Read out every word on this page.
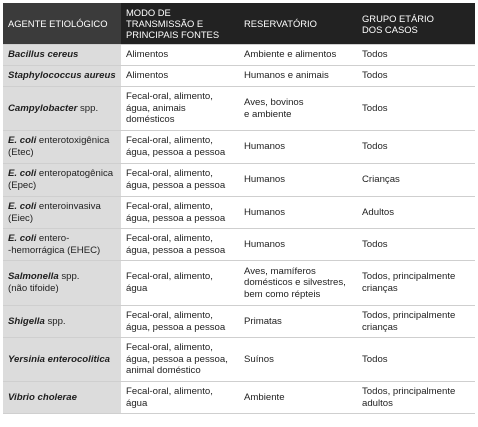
AGENTE ETIOLÓGICO	MODO DE
TRANSMISSÃO E
PRINCIPAIS FONTES	RESERVATÓRIO	GRUPO ETÁRIO
DOS CASOS
Bacillus cereus	Alimentos	Ambiente e alimentos	Todos
Staphylococcus aureus	Alimentos	Humanos e animais	Todos
Campylobacter spp.	Fecal-oral, alimento,
água, animais
domésticos	Aves, bovinos
e ambiente	Todos
E. coli enterotoxigênica
(Etec)	Fecal-oral, alimento,
água, pessoa a pessoa	Humanos	Todos
E. coli enteropatogênica
(Epec)	Fecal-oral, alimento,
água, pessoa a pessoa	Humanos	Crianças
E. coli enteroinvasiva
(Eiec)	Fecal-oral, alimento,
água, pessoa a pessoa	Humanos	Adultos
E. coli entero-
-hemorrágica (EHEC)	Fecal-oral, alimento,
água, pessoa a pessoa	Humanos	Todos
Salmonella spp.
(não tifoide)	Fecal-oral, alimento,
água	Aves, mamíferos
domésticos e silvestres,
bem como répteis	Todos, principalmente
crianças
Shigella spp.	Fecal-oral, alimento,
água, pessoa a pessoa	Primatas	Todos, principalmente
crianças
Yersinia enterocolitica	Fecal-oral, alimento,
água, pessoa a pessoa,
animal doméstico	Suínos	Todos
Vibrio cholerae	Fecal-oral, alimento,
água	Ambiente	Todos, principalmente
adultos
